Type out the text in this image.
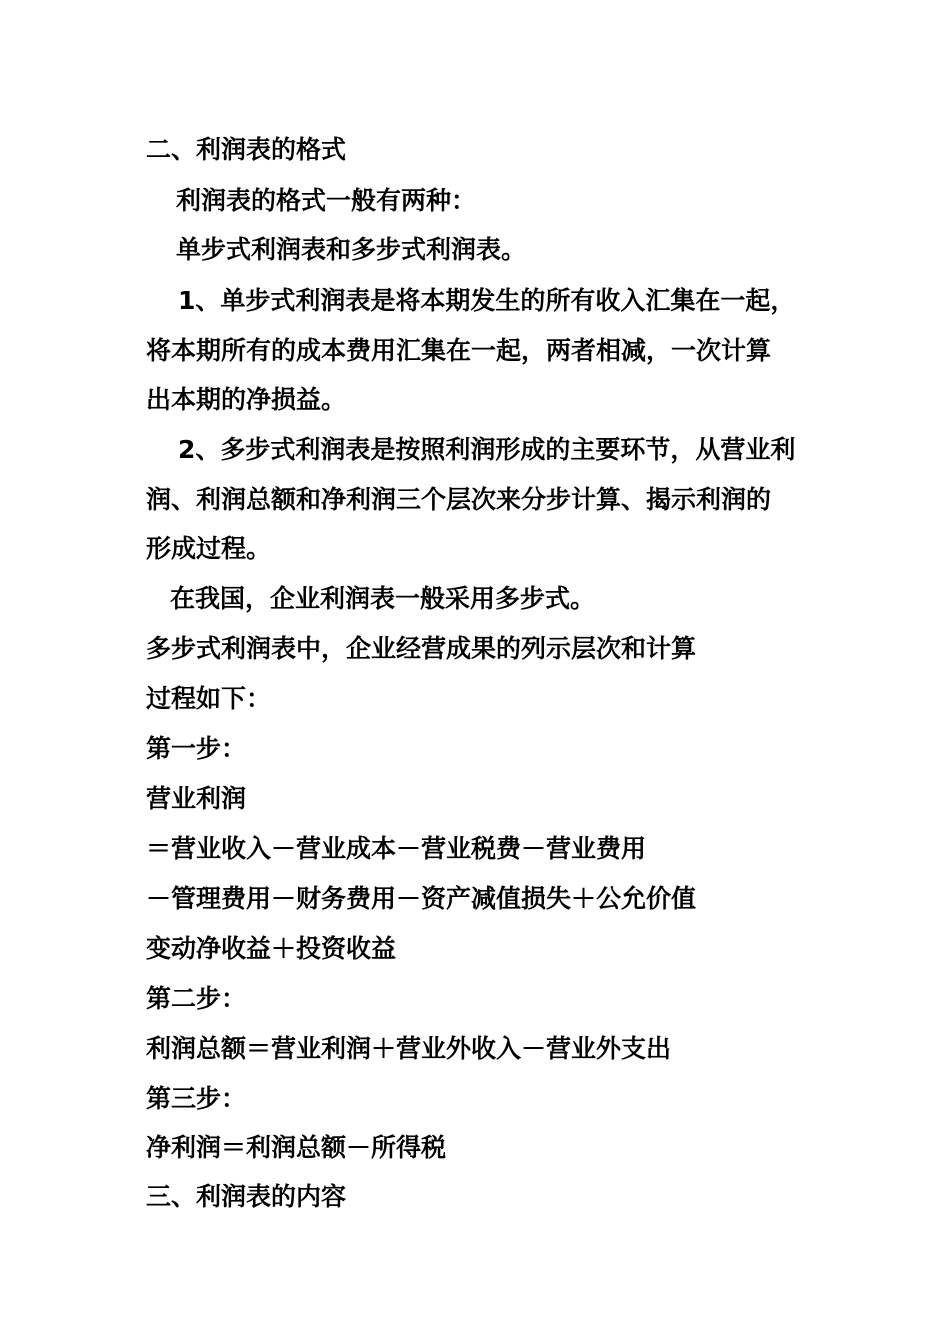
二、利润表的格式
利润表的格式一般有两种：
单步式利润表和多步式利润表。
1、单步式利润表是将本期发生的所有收入汇集在一起，
将本期所有的成本费用汇集在一起，两者相减，一次计算
出本期的净损益。
2、多步式利润表是按照利润形成的主要环节，从营业利
润、利润总额和净利润三个层次来分步计算、揭示利润的
形成过程。
在我国，企业利润表一般采用多步式。
多步式利润表中，企业经营成果的列示层次和计算
过程如下：
第一步：
营业利润
＝营业收入－营业成本－营业税费－营业费用
－管理费用－财务费用－资产减值损失＋公允价值
变动净收益＋投资收益
第二步：
利润总额＝营业利润＋营业外收入－营业外支出
第三步：
净利润＝利润总额－所得税
三、利润表的内容
